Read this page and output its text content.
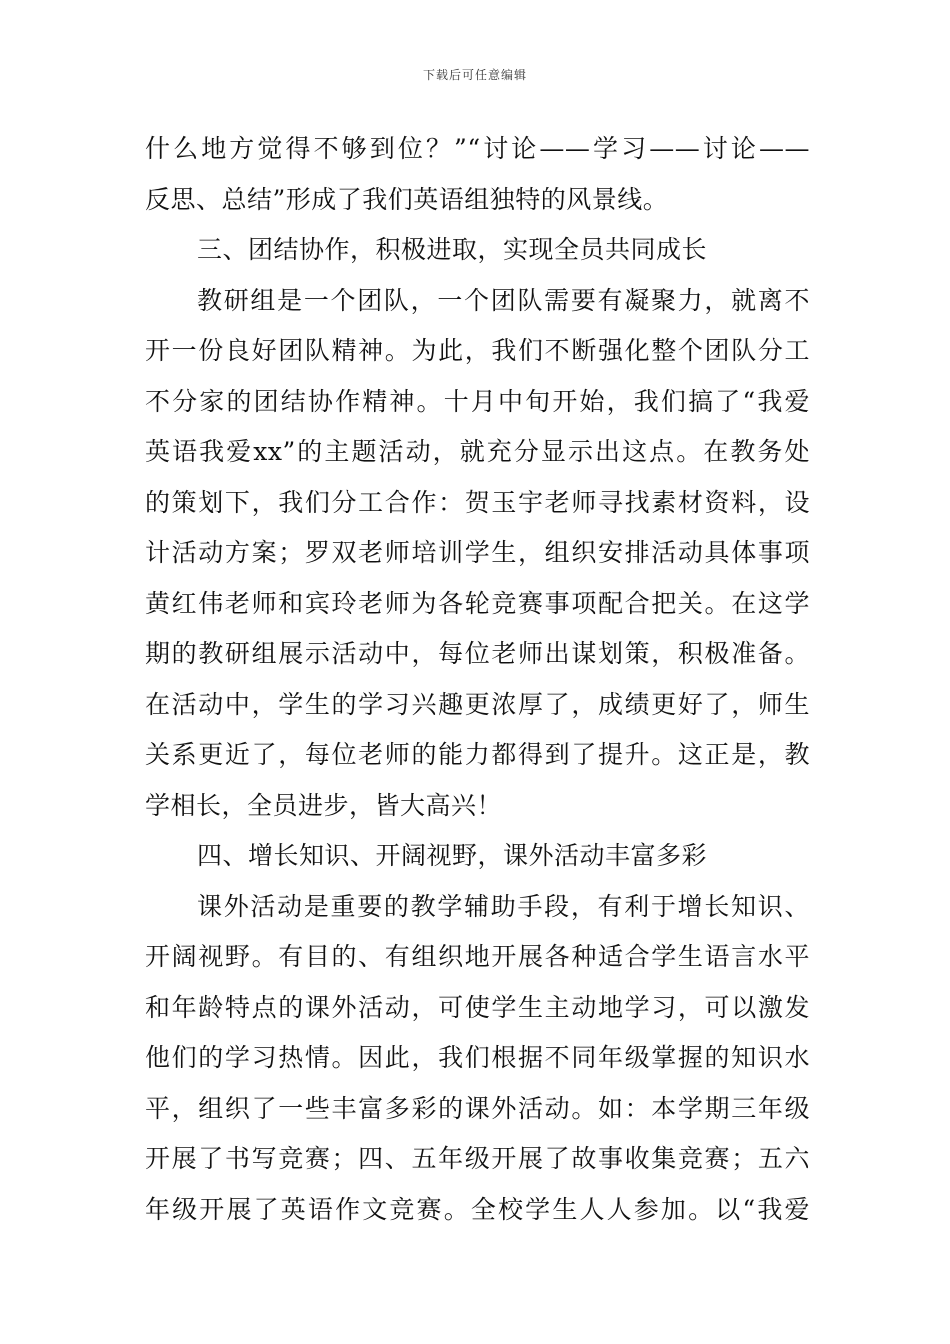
下载后可任意编辑
什么地方觉得不够到位？”“讨论——学习——讨论——
反思、总结”形成了我们英语组独特的风景线。
三、团结协作，积极进取，实现全员共同成长
教研组是一个团队，一个团队需要有凝聚力，就离不
开一份良好团队精神。为此，我们不断强化整个团队分工
不分家的团结协作精神。十月中旬开始，我们搞了“我爱
英语我爱xx”的主题活动，就充分显示出这点。在教务处
的策划下，我们分工合作：贺玉宇老师寻找素材资料，设
计活动方案；罗双老师培训学生，组织安排活动具体事项
黄红伟老师和宾玲老师为各轮竞赛事项配合把关。在这学
期的教研组展示活动中，每位老师出谋划策，积极准备。
在活动中，学生的学习兴趣更浓厚了，成绩更好了，师生
关系更近了，每位老师的能力都得到了提升。这正是，教
学相长，全员进步，皆大高兴！
四、增长知识、开阔视野，课外活动丰富多彩
课外活动是重要的教学辅助手段，有利于增长知识、
开阔视野。有目的、有组织地开展各种适合学生语言水平
和年龄特点的课外活动，可使学生主动地学习，可以激发
他们的学习热情。因此，我们根据不同年级掌握的知识水
平，组织了一些丰富多彩的课外活动。如：本学期三年级
开展了书写竞赛；四、五年级开展了故事收集竞赛；五六
年级开展了英语作文竞赛。全校学生人人参加。以“我爱
